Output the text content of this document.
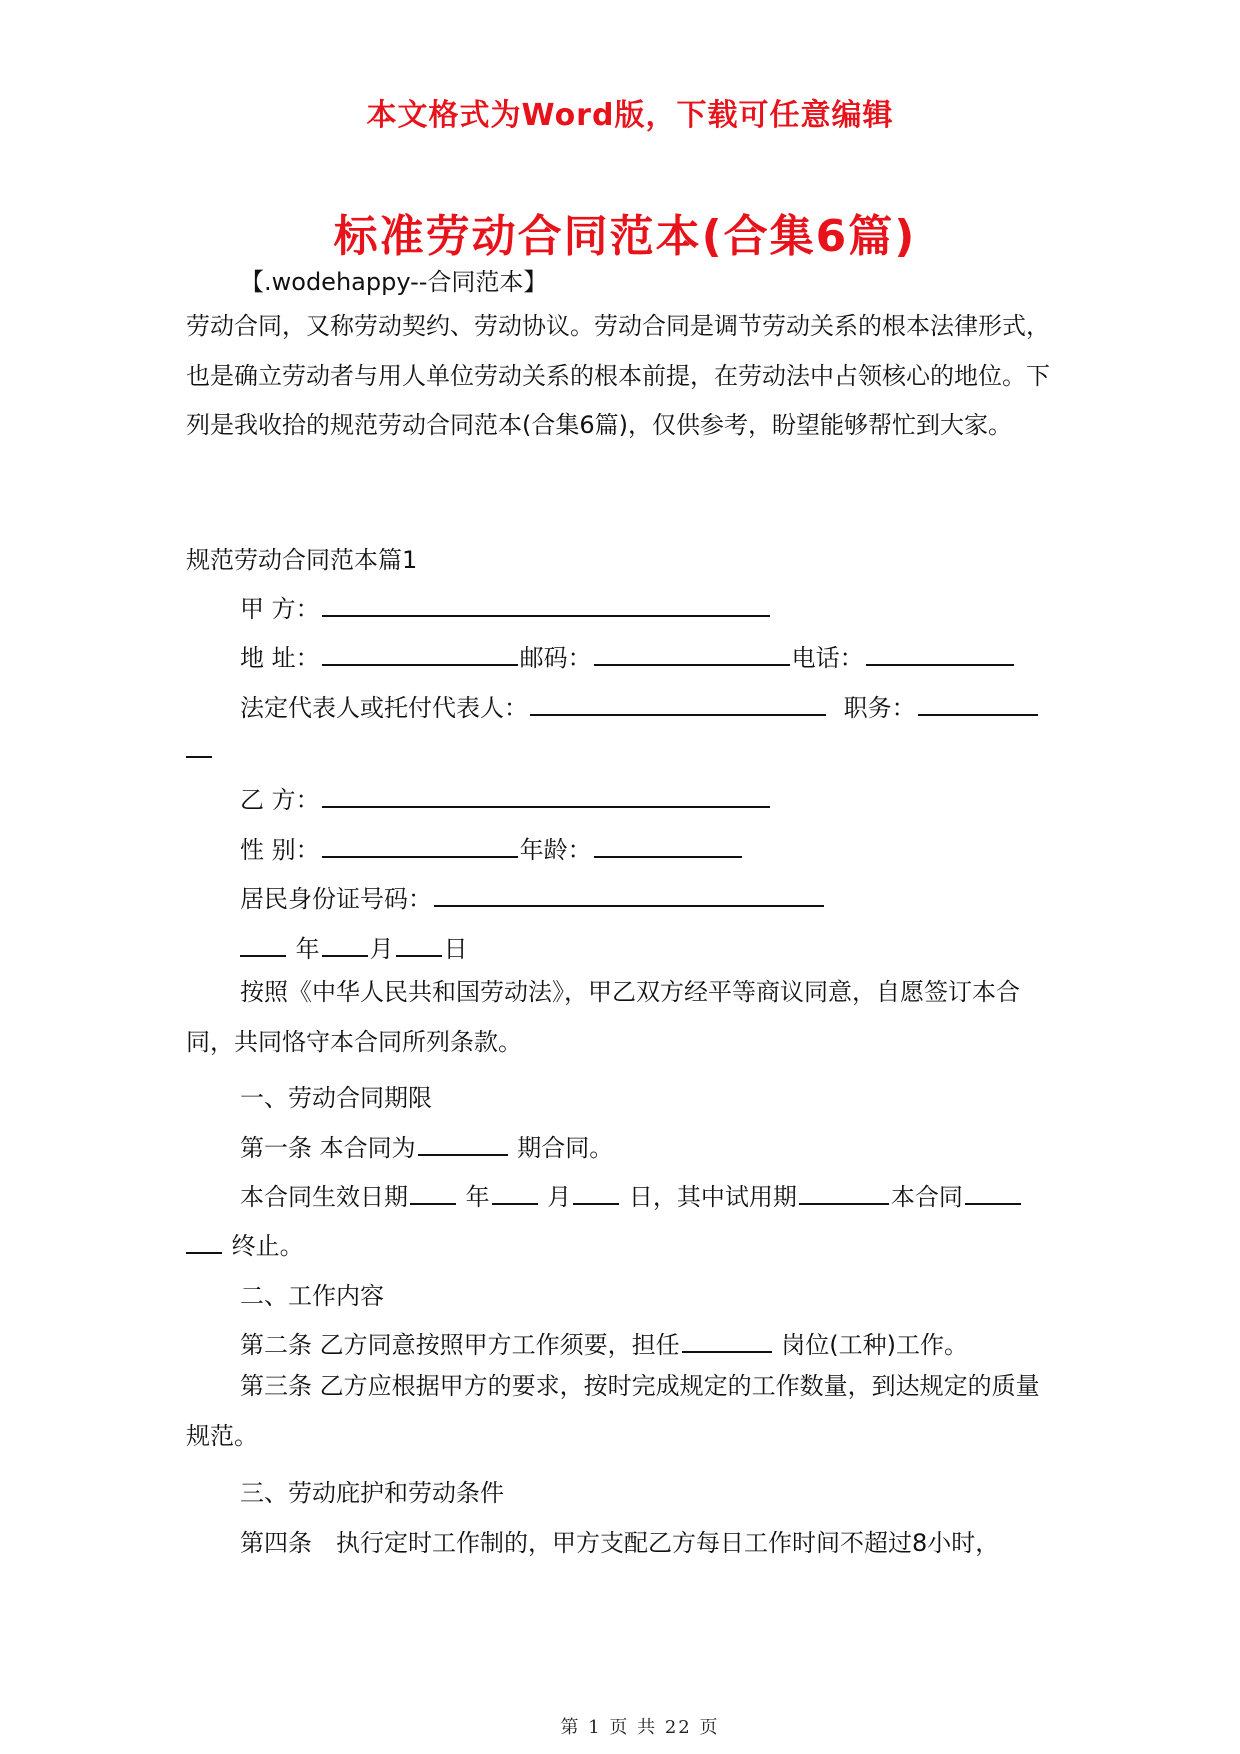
本文格式为Word版，下载可任意编辑
标准劳动合同范本(合集6篇)
【.wodehappy--合同范本】
劳动合同，又称劳动契约、劳动协议。劳动合同是调节劳动关系的根本法律形式，也是确立劳动者与用人单位劳动关系的根本前提，在劳动法中占领核心的地位。下列是我收拾的规范劳动合同范本(合集6篇)，仅供参考，盼望能够帮忙到大家。
规范劳动合同范本篇1
甲 方：
地 址：	邮码：	电话：
法定代表人或托付代表人：	职务：
乙 方：
性 别：	年龄：
居民身份证号码：
年 月 日
按照《中华人民共和国劳动法》，甲乙双方经平等商议同意，自愿签订本合同，共同恪守本合同所列条款。
一、劳动合同期限
第一条 本合同为	期合同。
本合同生效日期 年 月 日，其中试用期	本合同
终止。
二、工作内容
第二条 乙方同意按照甲方工作须要，担任	岗位(工种)工作。
第三条 乙方应根据甲方的要求，按时完成规定的工作数量，到达规定的质量规范。
三、劳动庇护和劳动条件
第四条　执行定时工作制的，甲方支配乙方每日工作时间不超过8小时，
第 1 页 共 22 页
